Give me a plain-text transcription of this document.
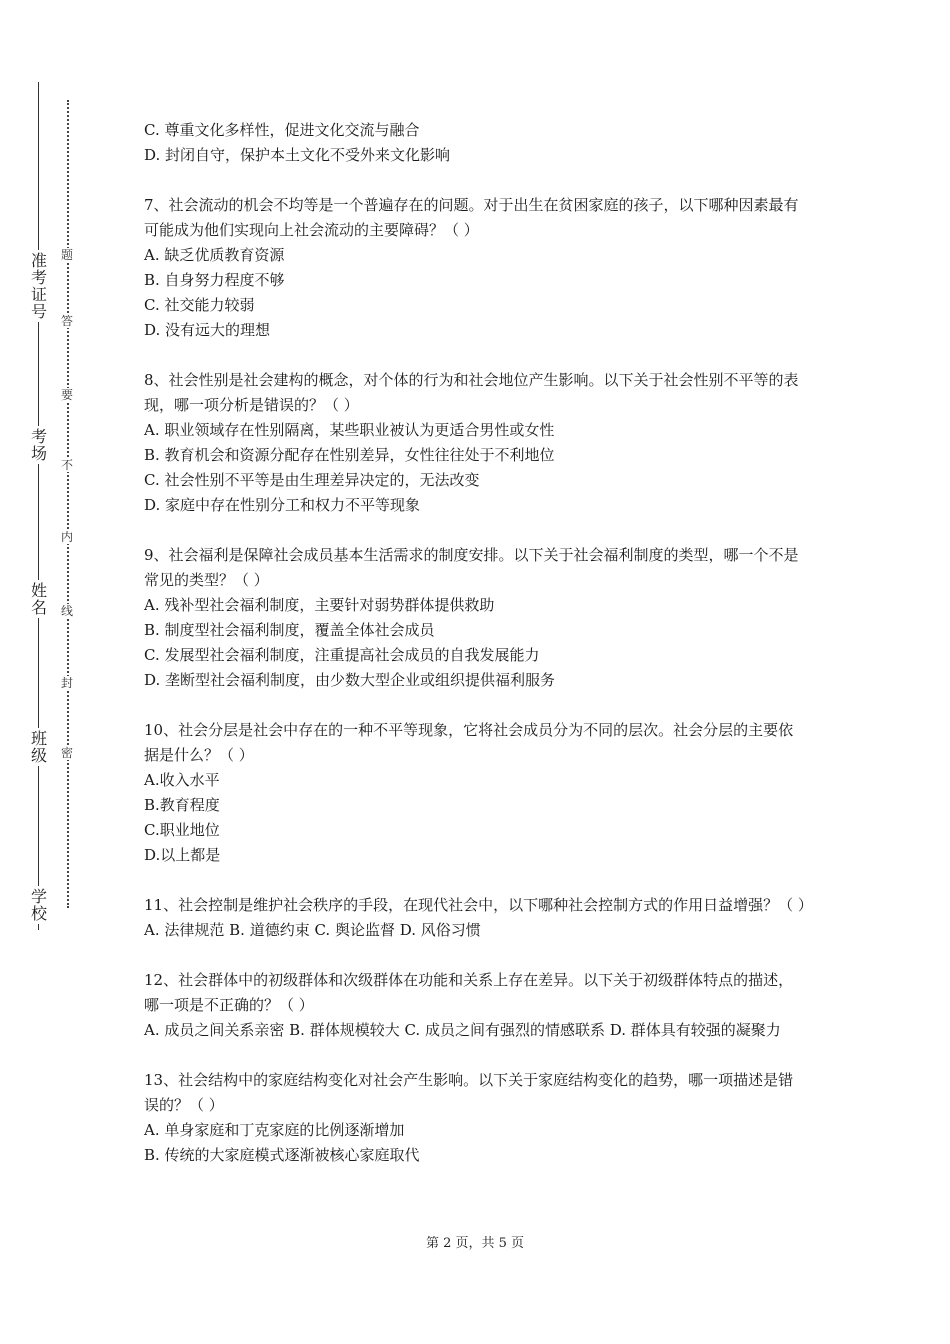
准
考
证
号
考
场
姓
名
班
级
学
校
题
答
要
不
内
线
封
密

C. 尊重文化多样性，促进文化交流与融合

D. 封闭自守，保护本土文化不受外来文化影响

7、社会流动的机会不均等是一个普遍存在的问题。对于出生在贫困家庭的孩子，以下哪种因素最有可能成为他们实现向上社会流动的主要障碍？（ ）

A. 缺乏优质教育资源

B. 自身努力程度不够

C. 社交能力较弱

D. 没有远大的理想

8、社会性别是社会建构的概念，对个体的行为和社会地位产生影响。以下关于社会性别不平等的表现，哪一项分析是错误的？（ ）

A. 职业领域存在性别隔离，某些职业被认为更适合男性或女性

B. 教育机会和资源分配存在性别差异，女性往往处于不利地位

C. 社会性别不平等是由生理差异决定的，无法改变

D. 家庭中存在性别分工和权力不平等现象

9、社会福利是保障社会成员基本生活需求的制度安排。以下关于社会福利制度的类型，哪一个不是常见的类型？（ ）

A. 残补型社会福利制度，主要针对弱势群体提供救助

B. 制度型社会福利制度，覆盖全体社会成员

C. 发展型社会福利制度，注重提高社会成员的自我发展能力

D. 垄断型社会福利制度，由少数大型企业或组织提供福利服务

10、社会分层是社会中存在的一种不平等现象，它将社会成员分为不同的层次。社会分层的主要依据是什么？（ ）

A.收入水平

B.教育程度

C.职业地位

D.以上都是

11、社会控制是维护社会秩序的手段，在现代社会中，以下哪种社会控制方式的作用日益增强？（ ）

A. 法律规范 B. 道德约束 C. 舆论监督 D. 风俗习惯

12、社会群体中的初级群体和次级群体在功能和关系上存在差异。以下关于初级群体特点的描述，哪一项是不正确的？（ ）

A. 成员之间关系亲密 B. 群体规模较大 C. 成员之间有强烈的情感联系 D. 群体具有较强的凝聚力

13、社会结构中的家庭结构变化对社会产生影响。以下关于家庭结构变化的趋势，哪一项描述是错误的？（ ）

A. 单身家庭和丁克家庭的比例逐渐增加

B. 传统的大家庭模式逐渐被核心家庭取代

第 2 页，共 5 页
